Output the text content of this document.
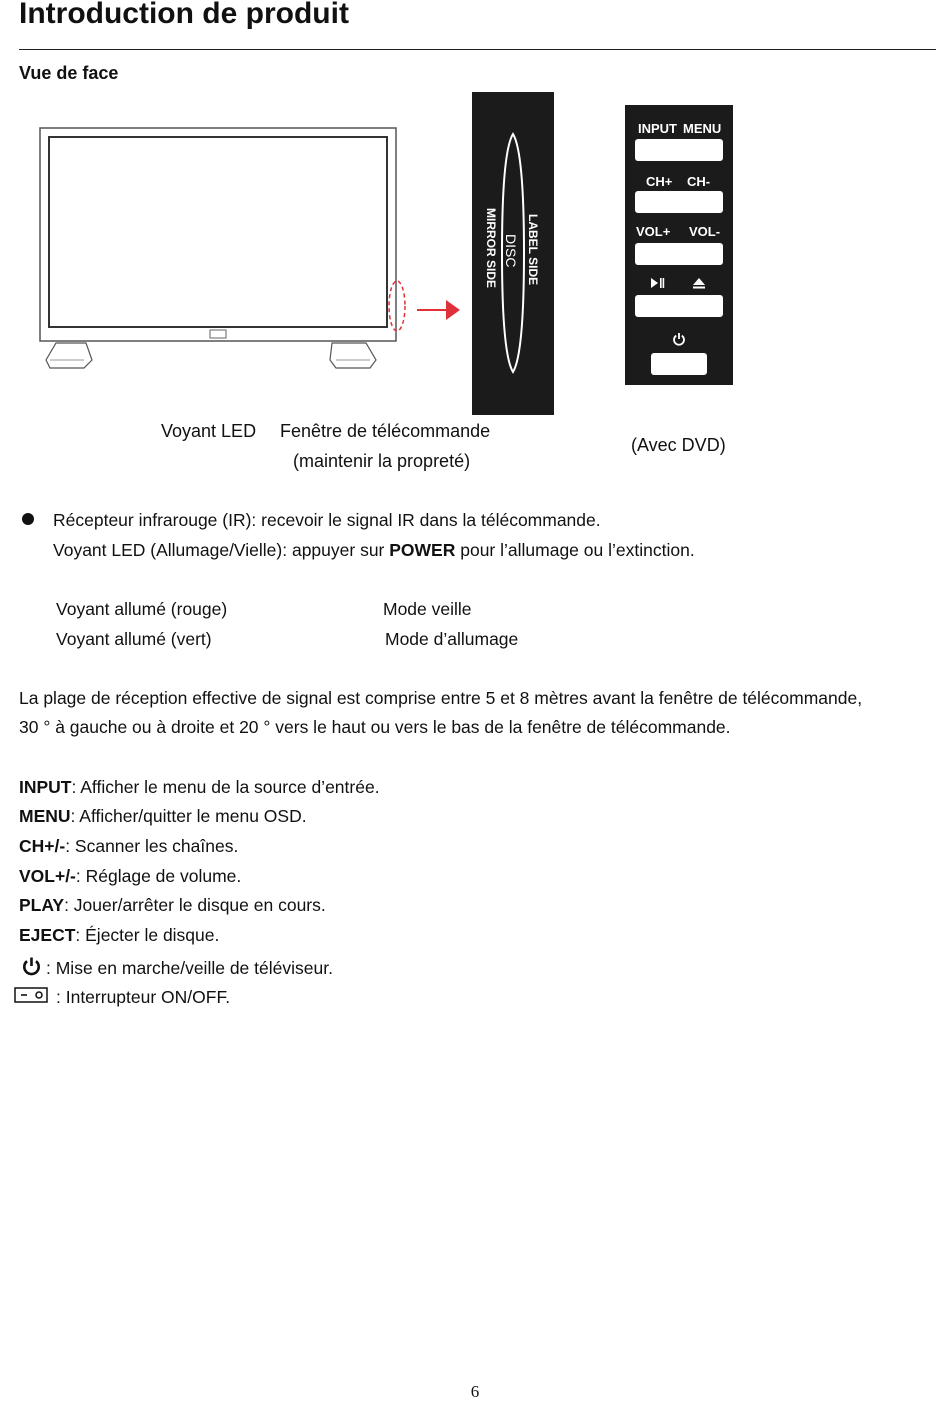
Introduction de produit
Vue de face
LABEL SIDE
DISC
MIRROR SIDE
INPUT MENU
CH+ CH-
VOL+ VOL-
Voyant LED Fenêtre de télécommande
(maintenir la propreté)
(Avec DVD)
Récepteur infrarouge (IR): recevoir le signal IR dans la télécommande.
Voyant LED (Allumage/Vielle): appuyer sur POWER pour l’allumage ou l’extinction.
Voyant allumé (rouge)	Mode veille
Voyant allumé (vert)	Mode d’allumage
La plage de réception effective de signal est comprise entre 5 et 8 mètres avant la fenêtre de télécommande,
30 ° à gauche ou à droite et 20 ° vers le haut ou vers le bas de la fenêtre de télécommande.
INPUT: Afficher le menu de la source d’entrée.
MENU: Afficher/quitter le menu OSD.
CH+/-: Scanner les chaînes.
VOL+/-: Réglage de volume.
PLAY: Jouer/arrêter le disque en cours.
EJECT: Éjecter le disque.
: Mise en marche/veille de téléviseur.
: Interrupteur ON/OFF.
6
